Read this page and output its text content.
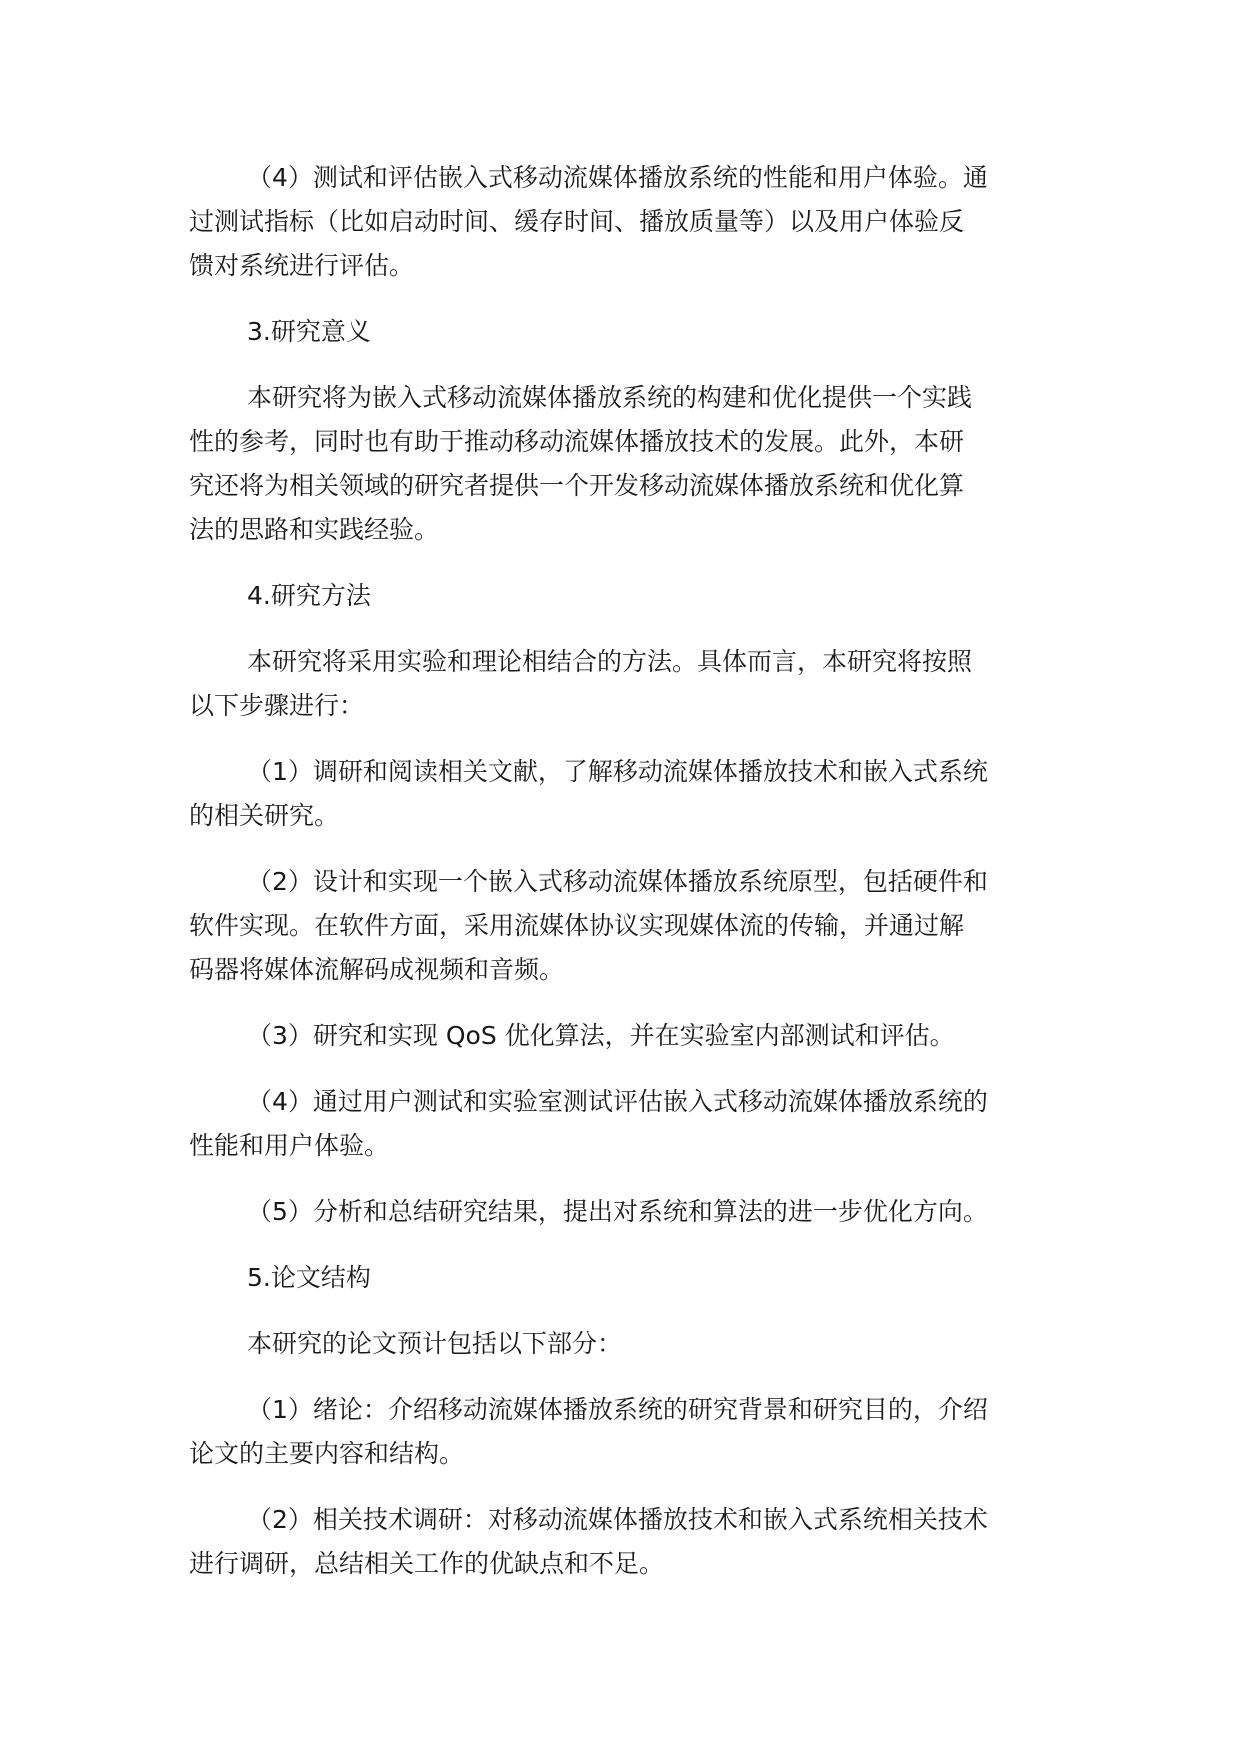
（4）测试和评估嵌入式移动流媒体播放系统的性能和用户体验。通
过测试指标（比如启动时间、缓存时间、播放质量等）以及用户体验反
馈对系统进行评估。
3.研究意义
本研究将为嵌入式移动流媒体播放系统的构建和优化提供一个实践
性的参考，同时也有助于推动移动流媒体播放技术的发展。此外，本研
究还将为相关领域的研究者提供一个开发移动流媒体播放系统和优化算
法的思路和实践经验。
4.研究方法
本研究将采用实验和理论相结合的方法。具体而言，本研究将按照
以下步骤进行：
（1）调研和阅读相关文献，了解移动流媒体播放技术和嵌入式系统
的相关研究。
（2）设计和实现一个嵌入式移动流媒体播放系统原型，包括硬件和
软件实现。在软件方面，采用流媒体协议实现媒体流的传输，并通过解
码器将媒体流解码成视频和音频。
（3）研究和实现 QoS 优化算法，并在实验室内部测试和评估。
（4）通过用户测试和实验室测试评估嵌入式移动流媒体播放系统的
性能和用户体验。
（5）分析和总结研究结果，提出对系统和算法的进一步优化方向。
5.论文结构
本研究的论文预计包括以下部分：
（1）绪论：介绍移动流媒体播放系统的研究背景和研究目的，介绍
论文的主要内容和结构。
（2）相关技术调研：对移动流媒体播放技术和嵌入式系统相关技术
进行调研，总结相关工作的优缺点和不足。
